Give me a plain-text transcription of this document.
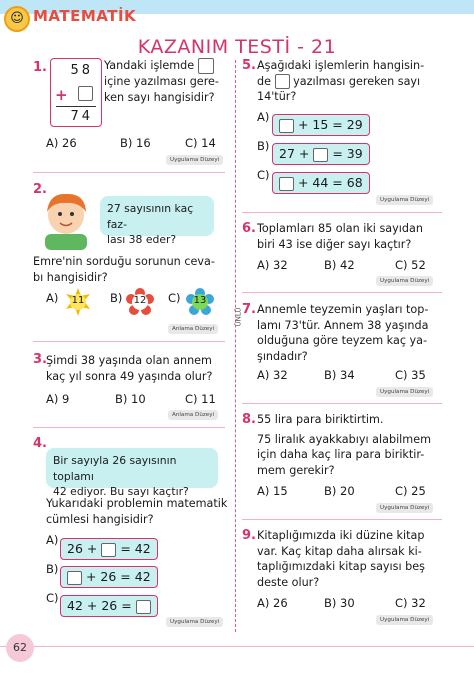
☺ MATEMATİK
KAZANIM TESTİ - 21
ÜNLÜ
1. 58
+
74
Yandaki işlemde
içine yazılması gere-
ken sayı hangisidir?
A) 26	B) 16	C) 14
Uygulama Düzeyi
2.
27 sayısının kaç faz-
lası 38 eder?
Emre'nin sorduğu sorunun ceva-
bı hangisidir?
A) 11 B) 12 C) 13
Anlama Düzeyi
3. Şimdi 38 yaşında olan annem
kaç yıl sonra 49 yaşında olur?
A) 9	B) 10	C) 11
Anlama Düzeyi
4.
Bir sayıyla 26 sayısının toplamı
42 ediyor. Bu sayı kaçtır?
Yukarıdaki problemin matematik
cümlesi hangisidir?
A)
26 + = 42
B)	+ 26 = 42
C) 42 + 26 =
Uygulama Düzeyi
5. Aşağıdaki işlemlerin hangisin-
de yazılması gereken sayı
14'tür?
A)	+ 15 = 29
B) 27 + = 39
C)	+ 44 = 68
Uygulama Düzeyi
6. Toplamları 85 olan iki sayıdan
biri 43 ise diğer sayı kaçtır?
A) 32	B) 42	C) 52
Uygulama Düzeyi
7. Annemle teyzemin yaşları top-
lamı 73'tür. Annem 38 yaşında
olduğuna göre teyzem kaç ya-
şındadır?
A) 32	B) 34	C) 35
Uygulama Düzeyi
8. 55 lira para biriktirtim.
75 liralık ayakkabıyı alabilmem
için daha kaç lira para biriktir-
mem gerekir?
A) 15	B) 20	C) 25
Uygulama Düzeyi
9. Kitaplığımızda iki düzine kitap
var. Kaç kitap daha alırsak ki-
taplığımızdaki kitap sayısı beş
deste olur?
A) 26	B) 30	C) 32
Uygulama Düzeyi
62
